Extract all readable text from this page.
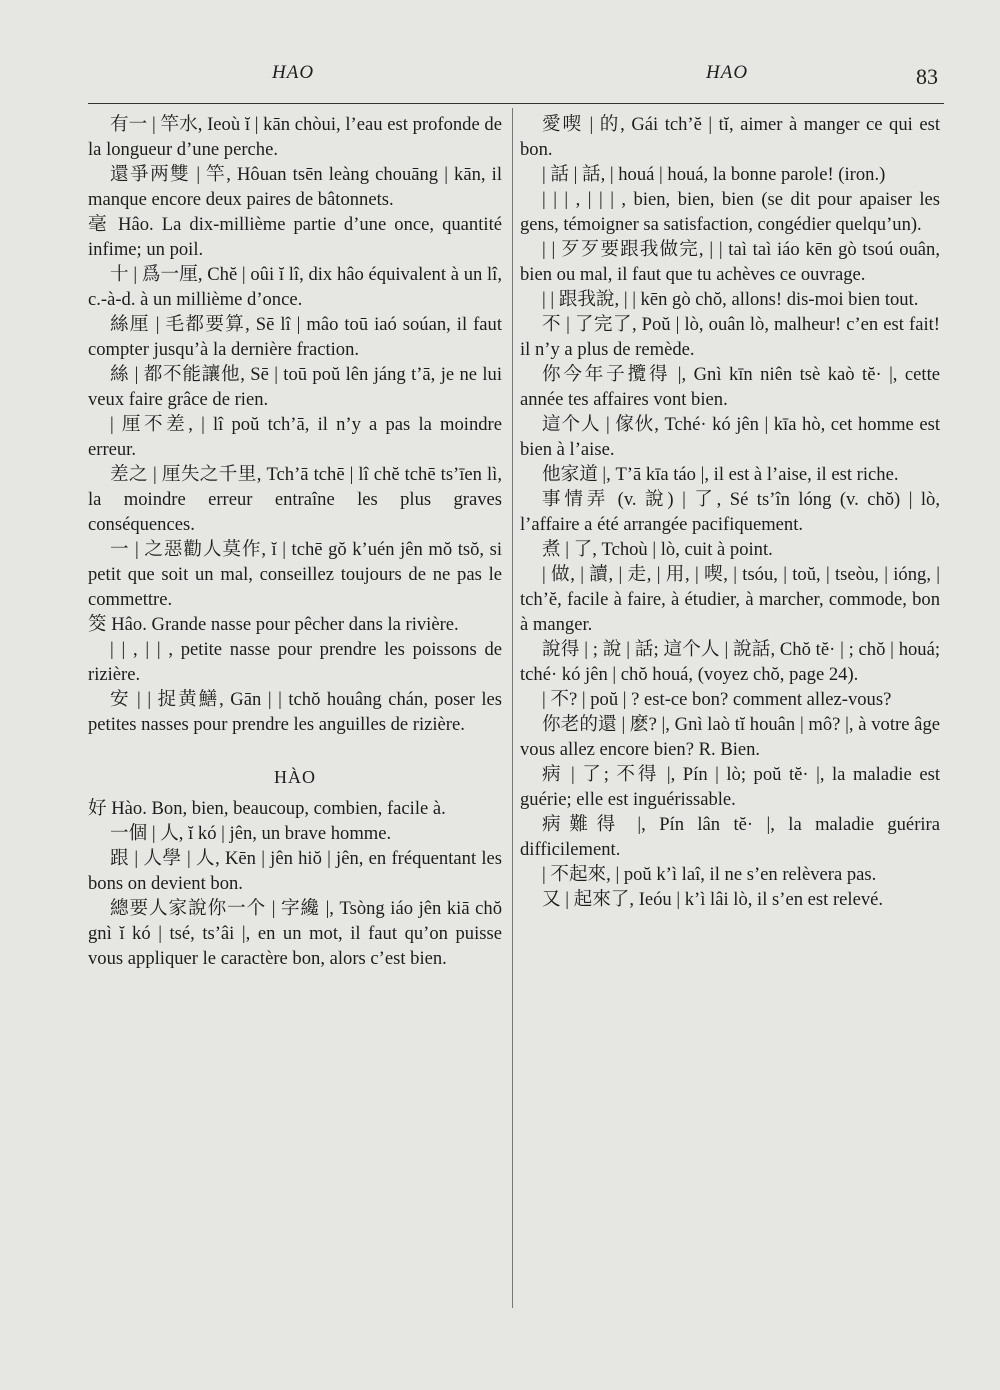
HAO	HAO	83

有一 | 竿水, Ieoù ĭ | kān chòui, l’eau est profonde de la longueur d’une perche.

還爭两雙 | 竿, Hôuan tsēn leàng chouāng | kān, il manque encore deux paires de bâtonnets.

毫 Hâo. La dix-millième partie d’une once, quantité infime; un poil.

十 | 爲一厘, Chĕ | oûi ĭ lî, dix hâo équivalent à un lî, c.-à-d. à un millième d’once.

絲厘 | 毛都要算, Sē lî | mâo toū iaó soúan, il faut compter jusqu’à la dernière fraction.

絲 | 都不能讓他, Sē | toū poŭ lên jáng t’ā, je ne lui veux faire grâce de rien.

| 厘不差, | lî poŭ tch’ā, il n’y a pas la moindre erreur.

差之 | 厘失之千里, Tch’ā tchē | lî chĕ tchē ts’īen lì, la moindre erreur entraîne les plus graves conséquences.

一 | 之惡勸人莫作, ĭ | tchē gŏ k’uén jên mŏ tsŏ, si petit que soit un mal, conseillez toujours de ne pas le commettre.

筊 Hâo. Grande nasse pour pêcher dans la rivière.

| | , | | , petite nasse pour prendre les poissons de rizière.

安 | | 捉黄鱔, Gān | | tchŏ houâng chán, poser les petites nasses pour prendre les anguilles de rizière.

HÀO

好 Hào. Bon, bien, beaucoup, combien, facile à.

一個 | 人, ĭ kó | jên, un brave homme.

跟 | 人學 | 人, Kēn | jên hiŏ | jên, en fréquentant les bons on devient bon.

總要人家說你一个 | 字纔 |, Tsòng iáo jên kiā chŏ gnì ĭ kó | tsé, ts’âi |, en un mot, il faut qu’on puisse vous appliquer le caractère bon, alors c’est bien.

愛喫 | 的, Gái tch’ĕ | tĭ, aimer à manger ce qui est bon.

| 話 | 話, | houá | houá, la bonne parole! (iron.)

| | | , | | | , bien, bien, bien (se dit pour apaiser les gens, témoigner sa satisfaction, congédier quelqu’un).

| | 歹歹要跟我做完, | | taì taì iáo kēn gò tsoú ouân, bien ou mal, il faut que tu achèves ce ouvrage.

| | 跟我說, | | kēn gò chŏ, allons! dis-moi bien tout.

不 | 了完了, Poŭ | lò, ouân lò, malheur! c’en est fait! il n’y a plus de remède.

你今年子攬得 |, Gnì kīn niên tsè kaò tĕ· |, cette année tes affaires vont bien.

這个人 | 傢伙, Tché· kó jên | kīa hò, cet homme est bien à l’aise.

他家道 |, T’ā kīa táo |, il est à l’aise, il est riche.

事情弄 (v. 說) | 了, Sé ts’în lóng (v. chŏ) | lò, l’affaire a été arrangée pacifiquement.

煮 | 了, Tchoù | lò, cuit à point.

| 做, | 讀, | 走, | 用, | 喫, | tsóu, | toŭ, | tseòu, | ióng, | tch’ĕ, facile à faire, à étudier, à marcher, commode, bon à manger.

說得 | ; 說 | 話; 這个人 | 說話, Chŏ tĕ· | ; chŏ | houá; tché· kó jên | chŏ houá, (voyez chŏ, page 24).

| 不? | poŭ | ? est-ce bon? comment allez-vous?

你老的還 | 麽? |, Gnì laò tĭ houân | mô? |, à votre âge vous allez encore bien? R. Bien.

病 | 了; 不得 |, Pín | lò; poŭ tĕ· |, la maladie est guérie; elle est inguérissable.

病難得 |, Pín lân tĕ· |, la maladie guérira difficilement.

| 不起來, | poŭ k’ì laî, il ne s’en relèvera pas.

又 | 起來了, Ieóu | k’ì lâi lò, il s’en est relevé.
